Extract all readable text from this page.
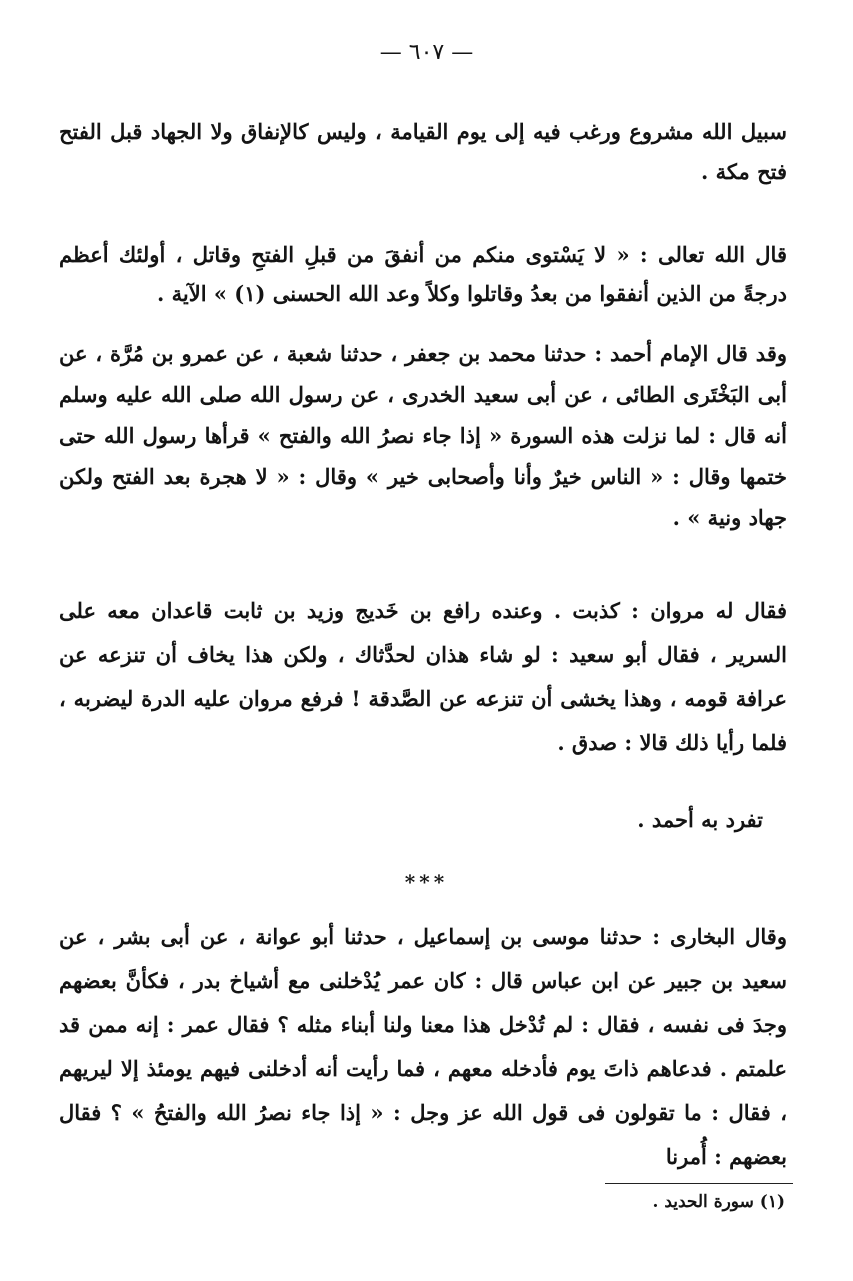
— ٦٠٧ —

سبيل الله مشروع ورغب فيه إلى يوم القيامة ، وليس كالإنفاق ولا الجهاد قبل الفتح فتح مكة .

قال الله تعالى : « لا يَسْتوى منكم من أنفقَ من قبلِ الفتحِ وقاتل ، أولئك أعظم درجةً من الذين أنفقوا من بعدُ وقاتلوا وكلاً وعد الله الحسنى (١) » الآية .

وقد قال الإمام أحمد : حدثنا محمد بن جعفر ، حدثنا شعبة ، عن عمرو بن مُرَّة ، عن أبى البَخْتَرى الطائى ، عن أبى سعيد الخدرى ، عن رسول الله صلى الله عليه وسلم أنه قال : لما نزلت هذه السورة « إذا جاء نصرُ الله والفتح » قرأها رسول الله حتى ختمها وقال : « الناس خيرٌ وأنا وأصحابى خير » وقال : « لا هجرة بعد الفتح ولكن جهاد ونية » .

فقال له مروان : كذبت . وعنده رافع بن خَديج وزيد بن ثابت قاعدان معه على السرير ، فقال أبو سعيد : لو شاء هذان لحدَّثاك ، ولكن هذا يخاف أن تنزعه عن عرافة قومه ، وهذا يخشى أن تنزعه عن الصَّدقة ! فرفع مروان عليه الدرة ليضربه ، فلما رأيا ذلك قالا : صدق .

تفرد به أحمد .

***

وقال البخارى : حدثنا موسى بن إسماعيل ، حدثنا أبو عوانة ، عن أبى بشر ، عن سعيد بن جبير عن ابن عباس قال : كان عمر يُدْخلنى مع أشياخ بدر ، فكأنَّ بعضهم وجدَ فى نفسه ، فقال : لم تُدْخل هذا معنا ولنا أبناء مثله ؟ فقال عمر : إنه ممن قد علمتم . فدعاهم ذاتَ يوم فأدخله معهم ، فما رأيت أنه أدخلنى فيهم يومئذ إلا ليريهم ، فقال : ما تقولون فى قول الله عز وجل : « إذا جاء نصرُ الله والفتحُ » ؟ فقال بعضهم : أُمرنا

(١) سورة الحديد .
